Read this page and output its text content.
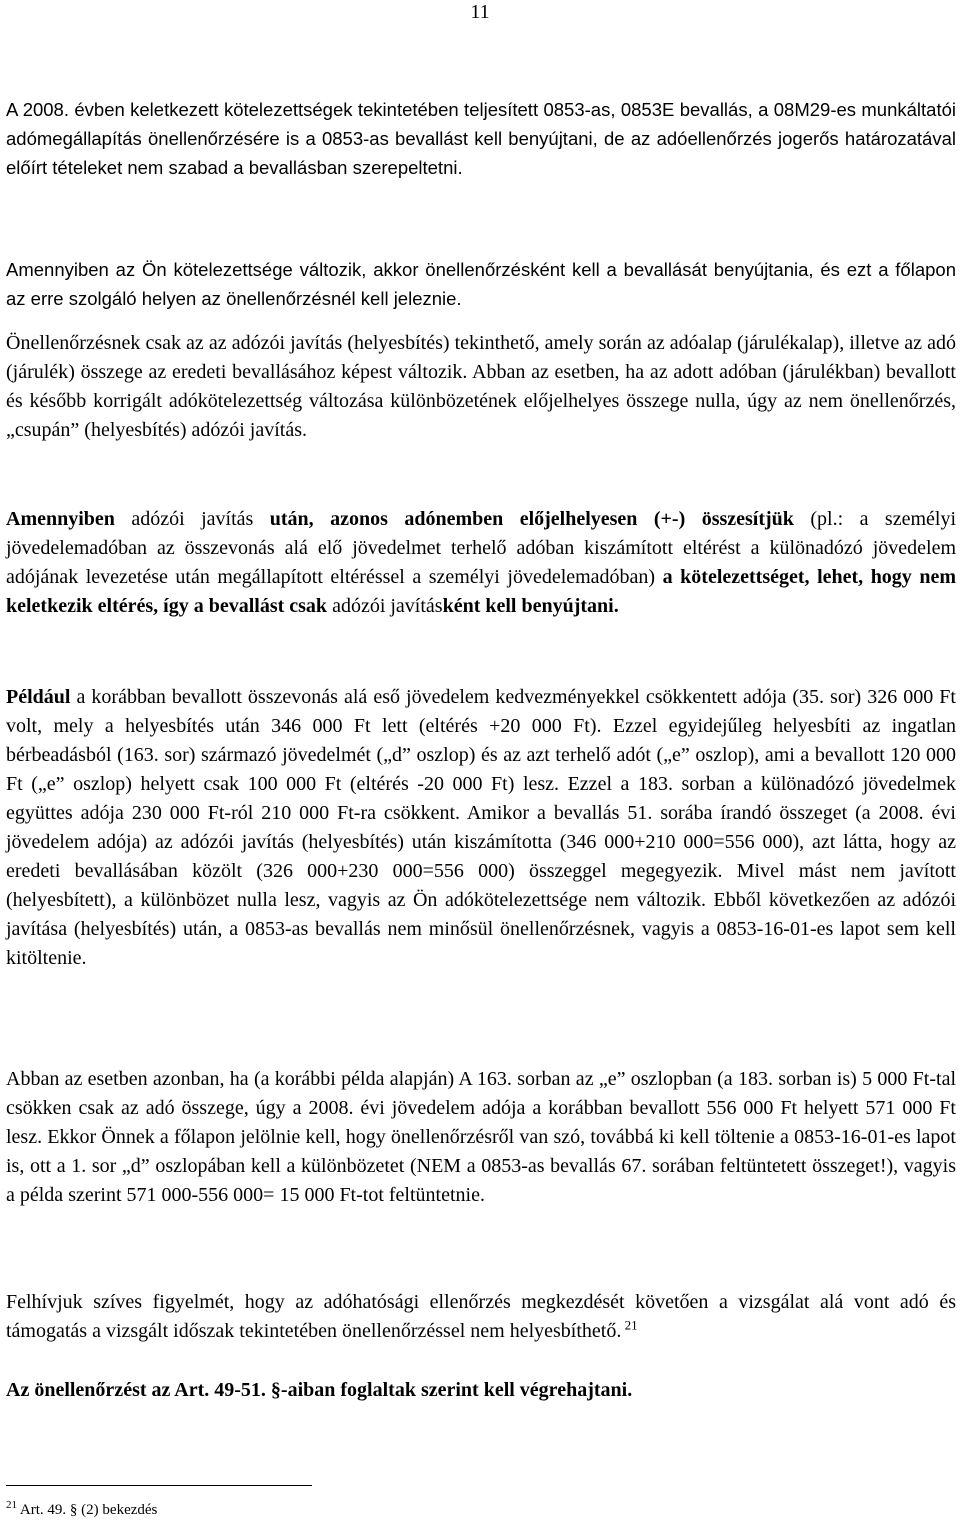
11

A 2008. évben keletkezett kötelezettségek tekintetében teljesített 0853-as, 0853E bevallás, a 08M29-es munkáltatói adómegállapítás önellenőrzésére is a 0853-as bevallást kell benyújtani, de az adóellenőrzés jogerős határozatával előírt tételeket nem szabad a bevallásban szerepeltetni.

Amennyiben az Ön kötelezettsége változik, akkor önellenőrzésként kell a bevallását benyújtania, és ezt a főlapon az erre szolgáló helyen az önellenőrzésnél kell jeleznie.

Önellenőrzésnek csak az az adózói javítás (helyesbítés) tekinthető, amely során az adóalap (járulékalap), illetve az adó (járulék) összege az eredeti bevallásához képest változik. Abban az esetben, ha az adott adóban (járulékban) bevallott és később korrigált adókötelezettség változása különbözetének előjelhelyes összege nulla, úgy az nem önellenőrzés, „csupán” (helyesbítés) adózói javítás.

Amennyiben adózói javítás után, azonos adónemben előjelhelyesen (+-) összesítjük (pl.: a személyi jövedelemadóban az összevonás alá elő jövedelmet terhelő adóban kiszámított eltérést a különadózó jövedelem adójának levezetése után megállapított eltéréssel a személyi jövedelemadóban) a kötelezettséget, lehet, hogy nem keletkezik eltérés, így a bevallást csak adózói javításként kell benyújtani.

Például a korábban bevallott összevonás alá eső jövedelem kedvezményekkel csökkentett adója (35. sor) 326 000 Ft volt, mely a helyesbítés után 346 000 Ft lett (eltérés +20 000 Ft). Ezzel egyidejűleg helyesbíti az ingatlan bérbeadásból (163. sor) származó jövedelmét („d” oszlop) és az azt terhelő adót („e” oszlop), ami a bevallott 120 000 Ft („e” oszlop) helyett csak 100 000 Ft (eltérés -20 000 Ft) lesz. Ezzel a 183. sorban a különadózó jövedelmek együttes adója 230 000 Ft-ról 210 000 Ft-ra csökkent. Amikor a bevallás 51. sorába írandó összeget (a 2008. évi jövedelem adója) az adózói javítás (helyesbítés) után kiszámította (346 000+210 000=556 000), azt látta, hogy az eredeti bevallásában közölt (326 000+230 000=556 000) összeggel megegyezik. Mivel mást nem javított (helyesbített), a különbözet nulla lesz, vagyis az Ön adókötelezettsége nem változik. Ebből következően az adózói javítása (helyesbítés) után, a 0853-as bevallás nem minősül önellenőrzésnek, vagyis a 0853-16-01-es lapot sem kell kitöltenie.

Abban az esetben azonban, ha (a korábbi példa alapján) A 163. sorban az „e” oszlopban (a 183. sorban is) 5 000 Ft-tal csökken csak az adó összege, úgy a 2008. évi jövedelem adója a korábban bevallott 556 000 Ft helyett 571 000 Ft lesz. Ekkor Önnek a főlapon jelölnie kell, hogy önellenőrzésről van szó, továbbá ki kell töltenie a 0853-16-01-es lapot is, ott a 1. sor „d” oszlopában kell a különbözetet (NEM a 0853-as bevallás 67. sorában feltüntetett összeget!), vagyis a példa szerint 571 000-556 000= 15 000 Ft-tot feltüntetnie.

Felhívjuk szíves figyelmét, hogy az adóhatósági ellenőrzés megkezdését követően a vizsgálat alá vont adó és támogatás a vizsgált időszak tekintetében önellenőrzéssel nem helyesbíthető. $^{21}$

Az önellenőrzést az Art. 49-51. §-aiban foglaltak szerint kell végrehajtani.

$^{21}$ Art. 49. § (2) bekezdés
